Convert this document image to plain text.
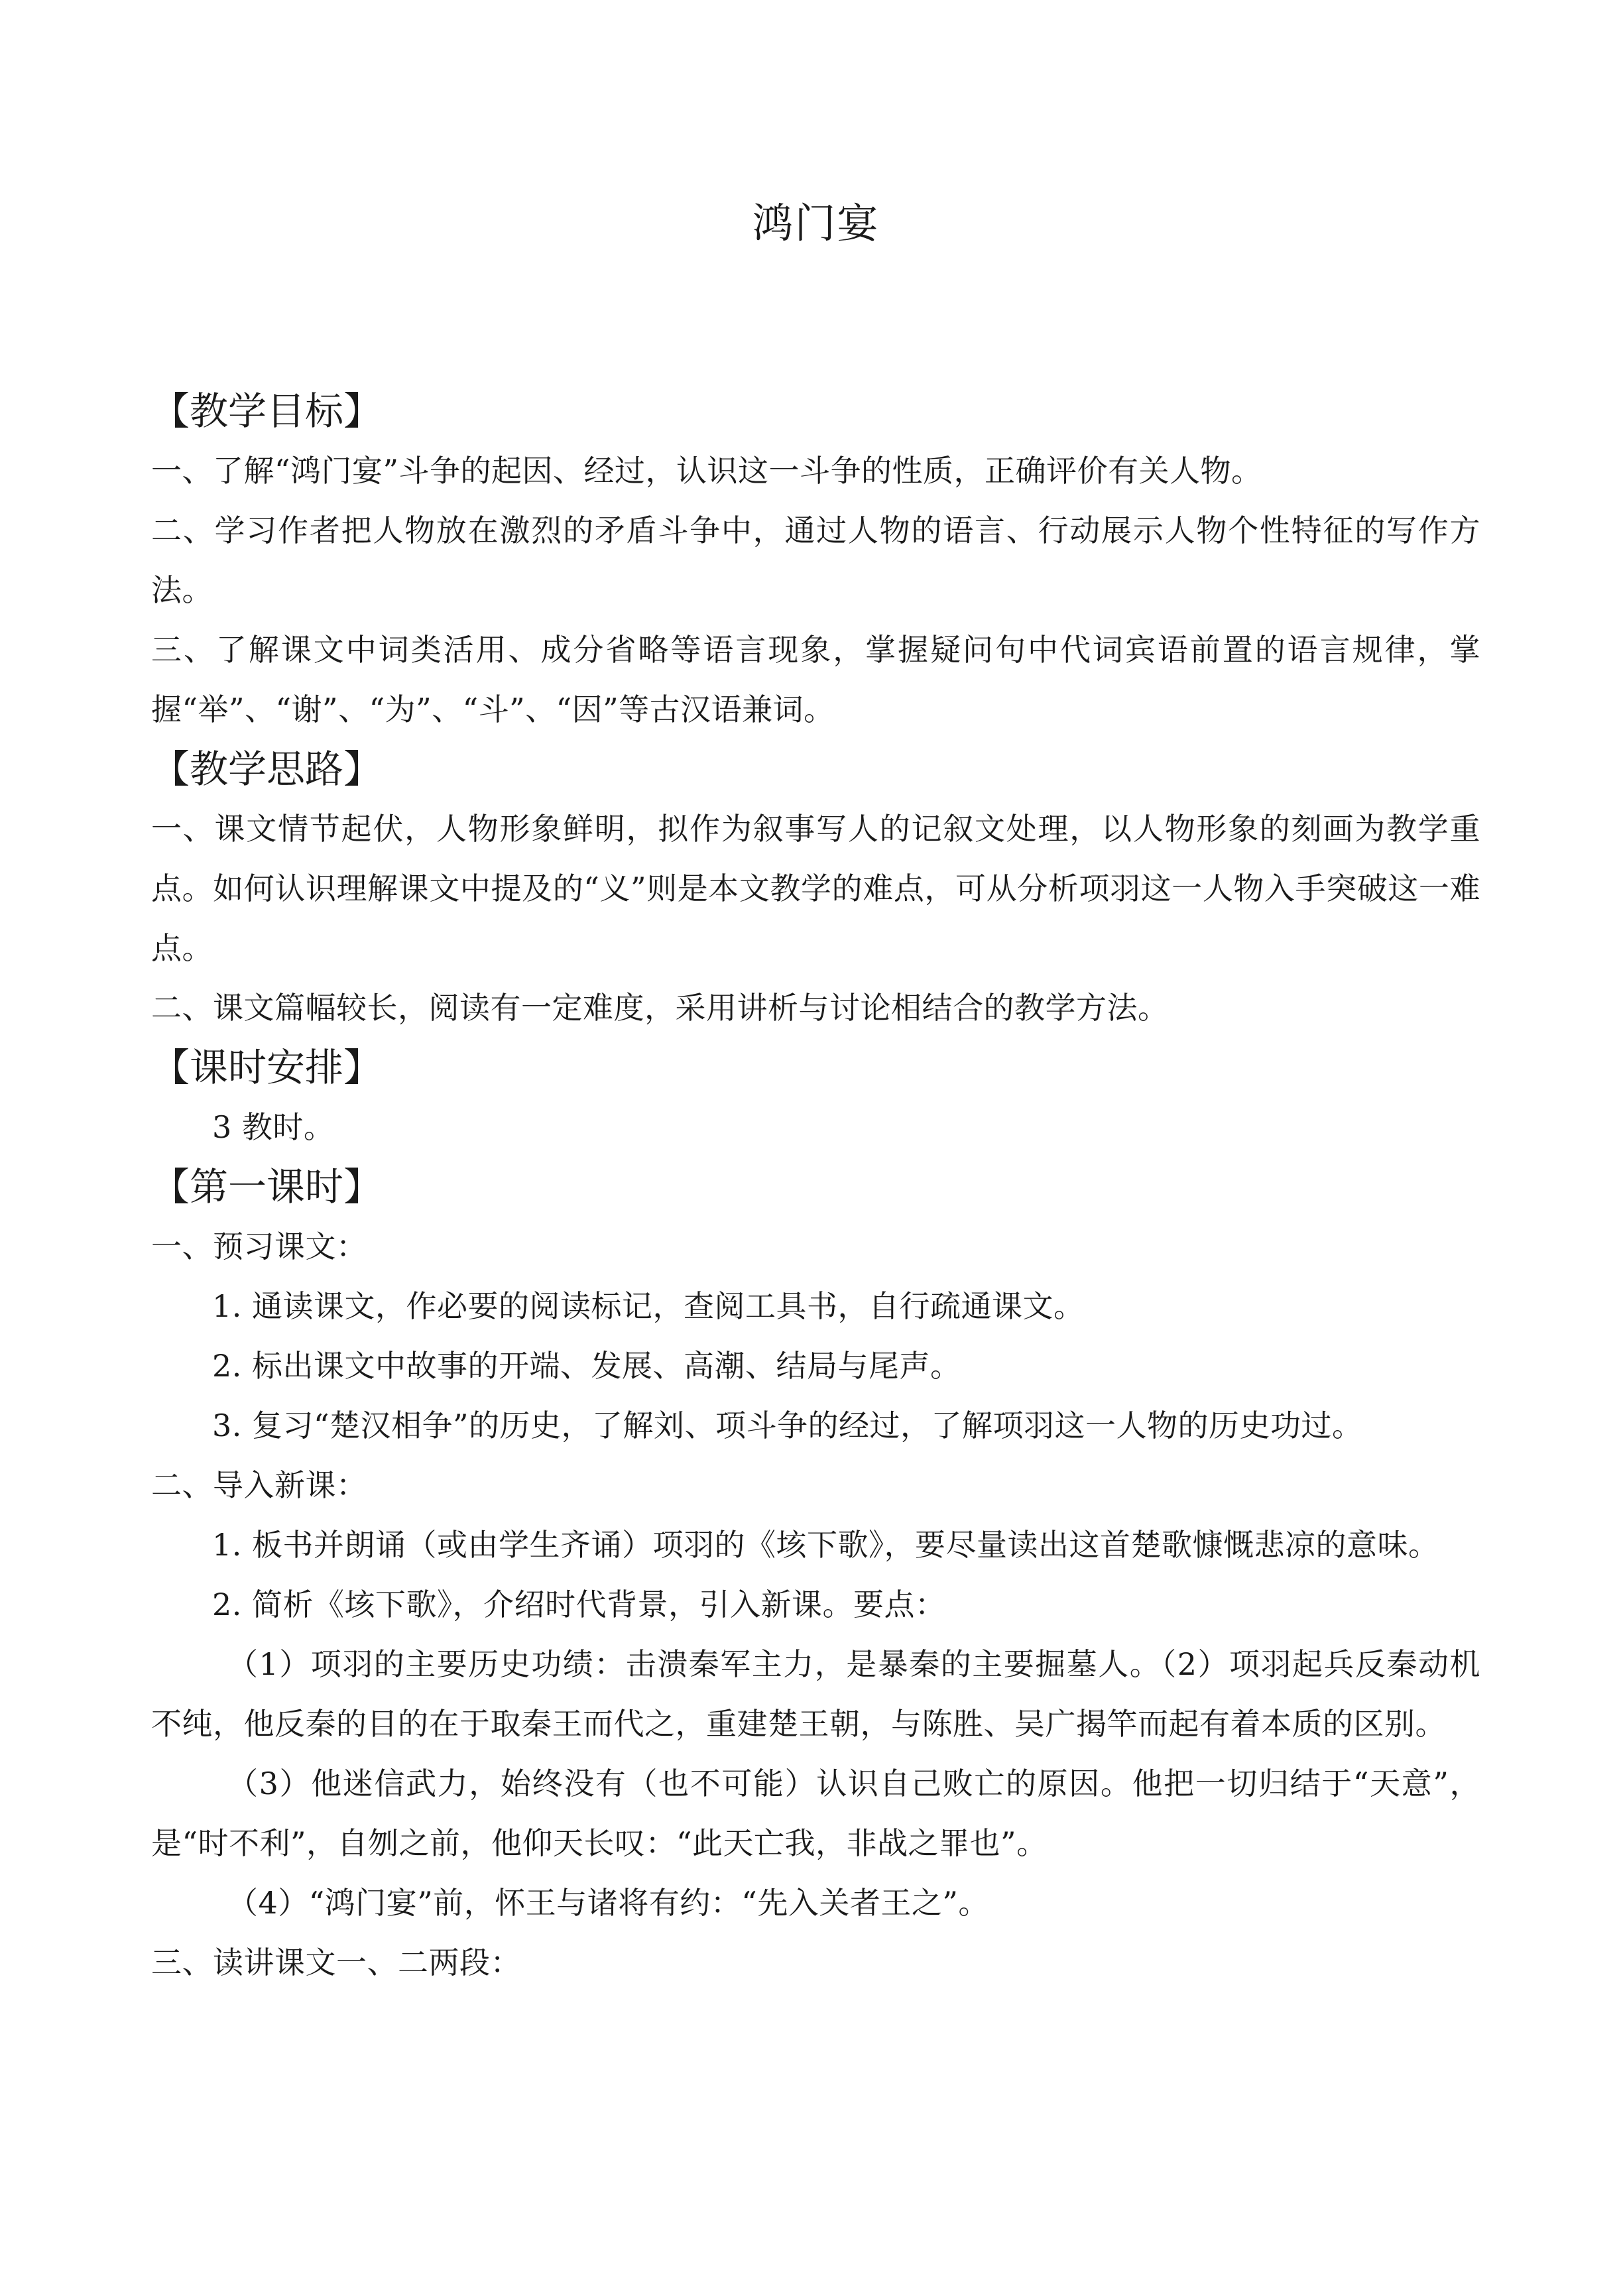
鸿门宴

【教学目标】

一、了解“鸿门宴”斗争的起因、经过，认识这一斗争的性质，正确评价有关人物。

二、学习作者把人物放在激烈的矛盾斗争中，通过人物的语言、行动展示人物个性特征的写作方法。

三、了解课文中词类活用、成分省略等语言现象，掌握疑问句中代词宾语前置的语言规律，掌握“举”、“谢”、“为”、“斗”、“因”等古汉语兼词。

【教学思路】

一、课文情节起伏，人物形象鲜明，拟作为叙事写人的记叙文处理，以人物形象的刻画为教学重点。如何认识理解课文中提及的“义”则是本文教学的难点，可从分析项羽这一人物入手突破这一难点。

二、课文篇幅较长，阅读有一定难度，采用讲析与讨论相结合的教学方法。

【课时安排】

3 教时。

【第一课时】

一、预习课文：

1. 通读课文，作必要的阅读标记，查阅工具书，自行疏通课文。

2. 标出课文中故事的开端、发展、高潮、结局与尾声。

3. 复习“楚汉相争”的历史，了解刘、项斗争的经过，了解项羽这一人物的历史功过。

二、导入新课：

1. 板书并朗诵（或由学生齐诵）项羽的《垓下歌》，要尽量读出这首楚歌慷慨悲凉的意味。

2. 简析《垓下歌》，介绍时代背景，引入新课。要点：

（1）项羽的主要历史功绩：击溃秦军主力，是暴秦的主要掘墓人。（2）项羽起兵反秦动机不纯，他反秦的目的在于取秦王而代之，重建楚王朝，与陈胜、吴广揭竿而起有着本质的区别。

（3）他迷信武力，始终没有（也不可能）认识自己败亡的原因。他把一切归结于“天意”，是“时不利”，自刎之前，他仰天长叹：“此天亡我，非战之罪也”。

（4）“鸿门宴”前，怀王与诸将有约：“先入关者王之”。

三、读讲课文一、二两段：
